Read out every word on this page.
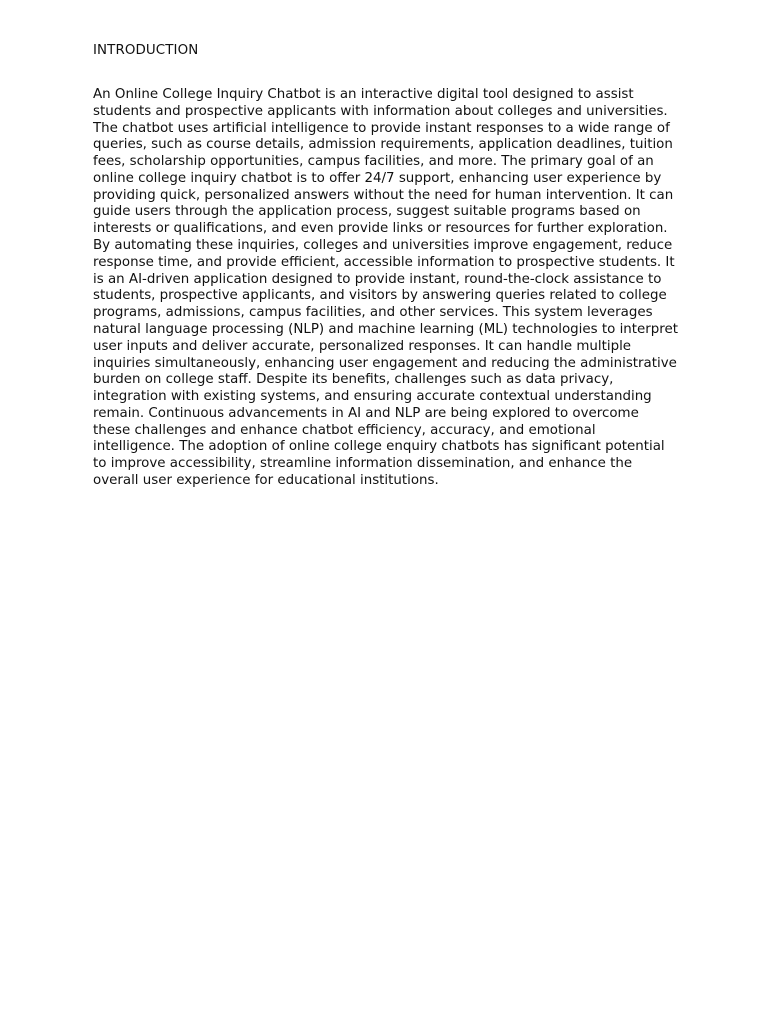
INTRODUCTION

An Online College Inquiry Chatbot is an interactive digital tool designed to assist students and prospective applicants with information about colleges and universities. The chatbot uses artificial intelligence to provide instant responses to a wide range of queries, such as course details, admission requirements, application deadlines, tuition fees, scholarship opportunities, campus facilities, and more. The primary goal of an online college inquiry chatbot is to offer 24/7 support, enhancing user experience by providing quick, personalized answers without the need for human intervention. It can guide users through the application process, suggest suitable programs based on interests or qualifications, and even provide links or resources for further exploration. By automating these inquiries, colleges and universities improve engagement, reduce response time, and provide efficient, accessible information to prospective students. It is an AI-driven application designed to provide instant, round-the-clock assistance to students, prospective applicants, and visitors by answering queries related to college programs, admissions, campus facilities, and other services. This system leverages natural language processing (NLP) and machine learning (ML) technologies to interpret user inputs and deliver accurate, personalized responses. It can handle multiple inquiries simultaneously, enhancing user engagement and reducing the administrative burden on college staff. Despite its benefits, challenges such as data privacy, integration with existing systems, and ensuring accurate contextual understanding remain. Continuous advancements in AI and NLP are being explored to overcome these challenges and enhance chatbot efficiency, accuracy, and emotional intelligence. The adoption of online college enquiry chatbots has significant potential to improve accessibility, streamline information dissemination, and enhance the overall user experience for educational institutions.
